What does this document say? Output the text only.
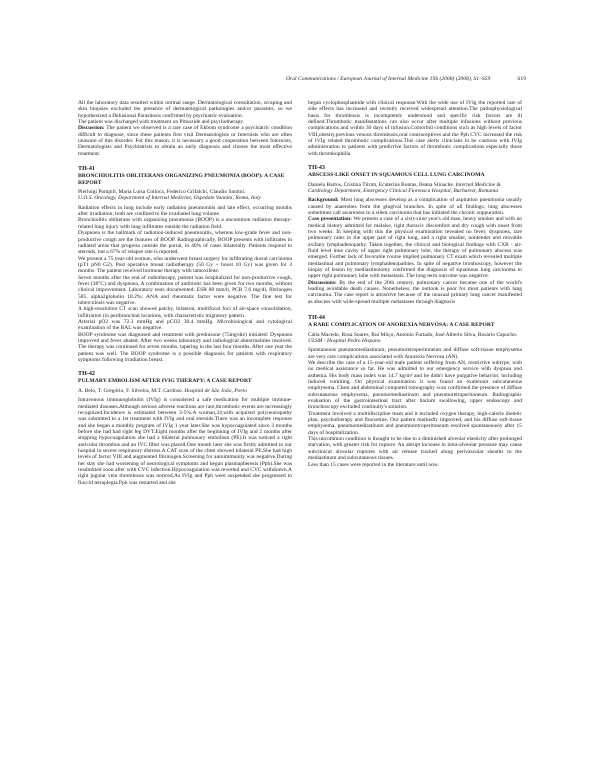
Oral Communications / European Journal of Internal Medicine 19S (2008) (2008), S1–S59	S19

All the laboratory data resulted within normal range. Dermatological consultation, scraping and skin biopsies excluded the presence of dermatological pathologies and/or parasites, so we hypothesized a Delusional Parasitosis confirmed by psychiatric evaluation.

The patient was discharged with treatment on Pimozide and psychotherapy.

Discussion: The patient we observed is a rare case of Ekbom syndrome a psychiatric condition difficult to diagnose, since these patients first visit Dermatologists or Internists who are often unaware of this disorder. For this reason, it is necessary a good cooperation between Internists, Dermatologists and Psychiatrists to obtain an early diagnosis and choose the most effective treatment.

TH-41
BRONCHIOLITIS OBLITERANS ORGANIZING PNEUMONIA (BOOP): A CASE REPORT
Pierluigi Pompili, Maria Luisa Colloca, Federico Grifalchi, Claudio Santini.
U.O.S. Oncology, Department of Internal Medicine, Ospedale Vannini, Roma, Italy

Radiation effects in lung include early radiation pneumonitis and late effect, occurring months after irradiation; both are confined to the irradiated lung volume.

Bronchiolitis obliterans with organizing pneumonia (BOOP) is a uncommon radiation therapy-related lung injury with lung infiltrates outside the radiation field.

Dyspnoea is the hallmark of radiation-induced pneumonitis, whereas low-grade fever and non-productive cough are the features of BOOP. Radiographically, BOOP presents with infiltrates in radiated areas that progress outside the portal, in 40% of cases bilaterally. Patients respond to steroids, but a 67% of relapse rate is reported.

We present a 75 year-old woman, who underwent breast surgery for infiltrating ductal carcinoma (pT1 pN0 G2). Post operative breast radiotherapy (50 Gy + boost 10 Gy) was given for 3 months. The patient received hormone therapy with tamoxifene.

Seven months after the end of radiotherapy, patient was hospitalized for non-productive cough, fever (38°C) and dyspnoea. A combination of antibiotic has been given for two months, without clinical improvement. Laboratory tests documented: ESR 88 mm/h, PCR 7.6 mg/dl, fibrinogen 585, alpha2globulin 18.2%; ANA and rheumatic factor were negative. The fine test for tuberculosis was negative.

A high-resolution CT scan showed patchy, bilateral, multifocal foci of air-space consolidation, infiltration (in peribronchial locations, with characteristic migratory pattern.

Arterial pO2 was 72.3 mmHg and pCO2 30.4 mmHg. Microbiological and cytological examination of the BAL was negative.

BOOP syndrome was diagnosed and treatment with prednisone (75mg/die) initiated: Dyspnoea improved and fever abated. After two weeks laboratory and radiological abnormalities resolved. The therapy was continued for seven months, tapering in the last four months. After one year the patient was well. The BOOP syndrome is a possible diagnosis for patients with respiratory symptoms following irradiation breast.

TH-42
PULMARY EMBOLISM AFTER IVIG THERAPY: A CASE REPORT
A. Belo, T. Gregório, F. Silveira, M.T. Cardoso. Hospital de São João, Porto

Intravenous immunoglobulin (IVIg) is considered a safe medication for multiple immune-mediated diseases.Although serious adverse reactions are rare,thrombotic events are increasingly recognized.Incidence is estimated between 3-5%.A woman,34,with acquired polyneuropathy was submitted to a 1st treatment with IVIg and oral steroids.There was an incomplete response and she began a monthly program of IVIg 1 year later.She was hypocoagulated since 3 months before she had had right leg DVT.Eight months after the beginning of IVIg and 2 months after stopping hypocoagulation she had a bilateral pulmonary embolism (PE).It was noticed a right auricular thrombus and an IVC filter was placed.One month later she was firstly admitted to our hospital in severe respiratory distress.A CAT scan of the chest showed bilateral PE.She had high levels of factor VIII and augmented fibrinogen.Screening for autoimmunity was negative.During her stay she had worsening of neurological symptoms and began plasmapheresis (Pph).She was readmitted soon after with CVC infection.Hypocoagulation was reverted and CVC withdrawn.A right jugular vein thrombosis was noticed.As IVIg and Pph were suspended she progressed to flaccid tetraplegia.Pph was restarted and she

began cyclophosphamide with clinical response.With the wide use of IVIg the reported rate of side effects has increased and recently received widespread attention.The pathophysiological basis for thrombosis is incompletely understood and specific risk factors are ill defined.Thrombotic manifestations can also occur after multiple infusions without previous complications and within 30 days of infusion.Comorbid conditions such as high levels of factor VIII,obesity,previous venous thrombosis,oral contraceptives and the Pph CVC increased the risk of IVIg related thrombotic complications.This case alerts clinicians to be cautious with IVIg administration to patients with predictive factors of thrombotic complications especially those with thrombophilia

TH-43
ABSCESS-LIKE ONSET IN SQUAMOUS CELL LUNG CARCINOMA
Daniela Bartos, Cristina Tiirim, Ecaterina Bontas, Ileana Stinache. Internal Medicine & Cardiology Department, Emergency Clinical Floreasca Hospital, Bucharest, Romania

Background: Most lung abscesses develop as a complication of aspiration pneumonia usually caused by anaerobes from the gingival branches. In spite of all findings, lung abscesses sometimes call awareness to a silent carcinoma that has initiated the chronic suppuration.

Case presentation: We present a case of a sixty-nine year's old man, heavy smoker and with no medical history admitted for malaise, right thoracic discomfort and dry cough with onset from two weeks. In keeping with this the physical examination revealed no fever, dyspnoea, rare pulmonary rales in the upper part of right lung, and a right smaller, nontender and movable axillary lymphadenopathy. Taken together, the clinical and biological findings with CXR - air-fluid level inne cavity of upper right pulmonary lobe, the therapy of pulmonary abscess was emerged. Further lack of favorable course implied pulmonary CT exam which revealed multiple mediastinal and pulmonary lymphadenopathies. In spite of negative bronhoscopy, however the biopsy of lesion by mediastinotomy confirmed the diagnosis of squamous lung carcinoma to upper right pulmonary lobe with metastasis. The long term outcome was negative.

Discussions: By the end of the 20th century, pulmonary cancer became one of the world's leading avoidable death causes. Nonetheless, the outlook is poor for most patients with lung carcinoma. The case report is attractive because of the unusual primary lung cancer manifested as abscess with wide-spread multiple metastases through diagnosis

TH-44
A RARE COMPLICATION OF ANOREXIA NERVOSA: A CASE REPORT
Cátia Macedo, Rosa Soares, Rui Môço, António Furtado, José Alberto Silva, Rosário Capucho. ULSM - Hospital Pedro Hispano

Spontaneous pneumomediastinum, pneumoretroperitoneum and diffuse soft-tissue emphysema are very rare complications associated with Anorexia Nervosa (AN).

We describe the case of a 15-year-old male patient suffering from AN, restrictive subtype, with no medical assistance so far. He was admitted to our emergency service with dyspnea and asthenia. His body mass index was 14.7 kg/m² and he didn't have purgative behavior, including induced vomiting. On physical examination it was found an exuberant subcutaneous emphysema. Chest and abdominal computed tomography scan confirmed the presence of diffuse subcutaneous emphysema, pneumomediastinum and pneumoretroperitoneum. Radiographic evaluation of the gastrointestinal tract after barium swallowing, upper endoscopy and bronchoscopy excluded continuity's solution.

Treatment involved a multidiscipline team and it included oxygen therapy, high-calorie dietetic plan, psychotherapy and fluoxetine. Our patient markedly improved, and his diffuse soft-tissue emphysema, pneumomediastinum and pneumoretroperitoneum resolved spontaneously after 15 days of hospitalization.

This uncommon condition is thought to be due to a diminished alveolar elasticity after prolonged starvation, with greater risk for rupture. An abrupt increase in intra-alveolar pressure may cause subclinical alveolar ruptures with air release tracked along perivascular sheaths to the mediastinum and subcutaneous tissues.

Less than 15 cases were reported in the literature until now.
